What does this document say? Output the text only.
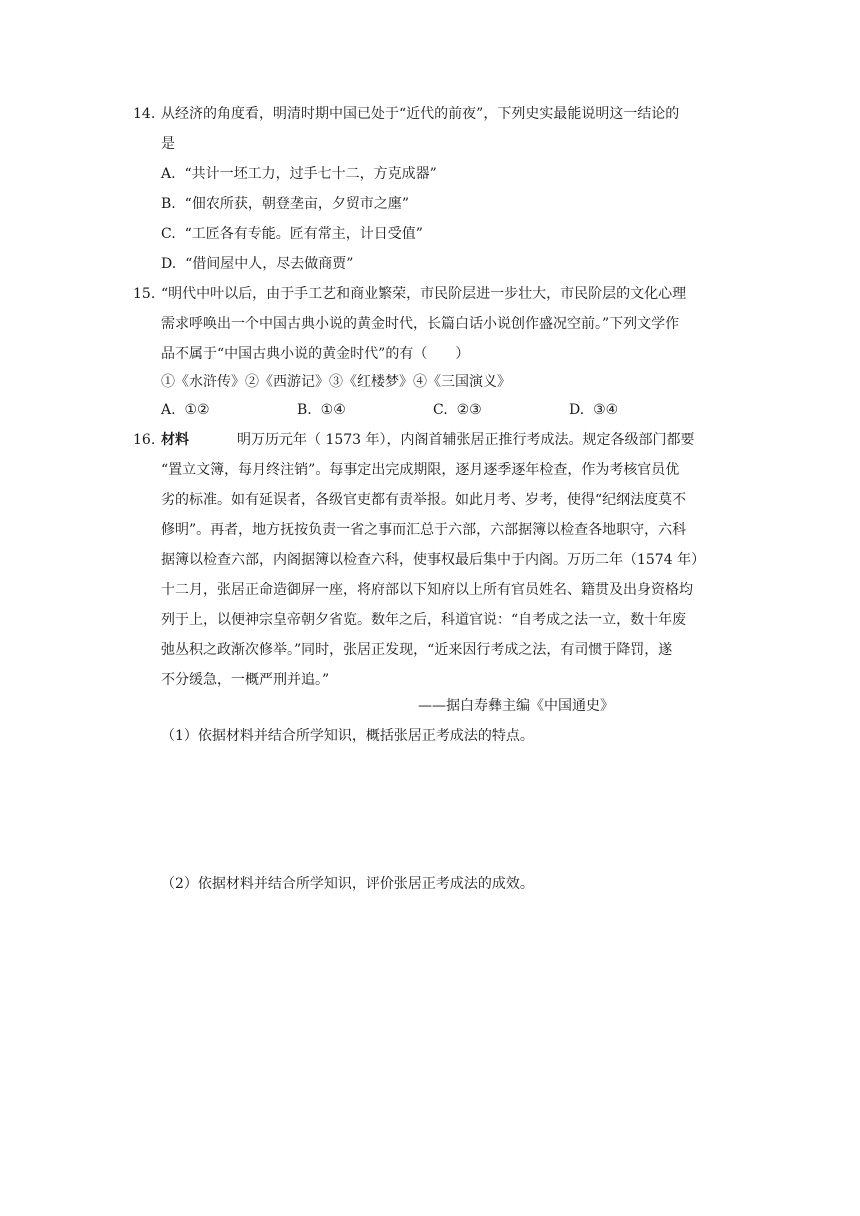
14. 从经济的角度看，明清时期中国已处于“近代的前夜”，下列史实最能说明这一结论的
是
A. “共计一坯工力，过手七十二，方克成器”
B. “佃农所获，朝登垄亩，夕贸市之廛”
C. “工匠各有专能。匠有常主，计日受值”
D. “借间屋中人，尽去做商贾”
15. “明代中叶以后，由于手工艺和商业繁荣，市民阶层进一步壮大，市民阶层的文化心理
需求呼唤出一个中国古典小说的黄金时代，长篇白话小说创作盛况空前。”下列文学作
品不属于“中国古典小说的黄金时代”的有（　　）
①《水浒传》②《西游记》③《红楼梦》④《三国演义》
A. ①②	B. ①④	C. ②③	D. ③④
16. 材料	明万历元年（ 1573 年），内阁首辅张居正推行考成法。规定各级部门都要
“置立文簿，每月终注销”。每事定出完成期限，逐月逐季逐年检查，作为考核官员优
劣的标准。如有延误者，各级官吏都有责举报。如此月考、岁考，使得“纪纲法度莫不
修明”。再者，地方抚按负责一省之事而汇总于六部，六部据簿以检查各地职守，六科
据簿以检查六部，内阁据簿以检查六科，使事权最后集中于内阁。万历二年（1574 年）
十二月，张居正命造御屏一座，将府部以下知府以上所有官员姓名、籍贯及出身资格均
列于上，以便神宗皇帝朝夕省览。数年之后，科道官说：“自考成之法一立，数十年废
弛丛积之政渐次修举。”同时，张居正发现，“近来因行考成之法，有司惯于降罚，遂
不分缓急，一概严刑并追。”
——据白寿彝主编《中国通史》
（1）依据材料并结合所学知识，概括张居正考成法的特点。
（2）依据材料并结合所学知识，评价张居正考成法的成效。
